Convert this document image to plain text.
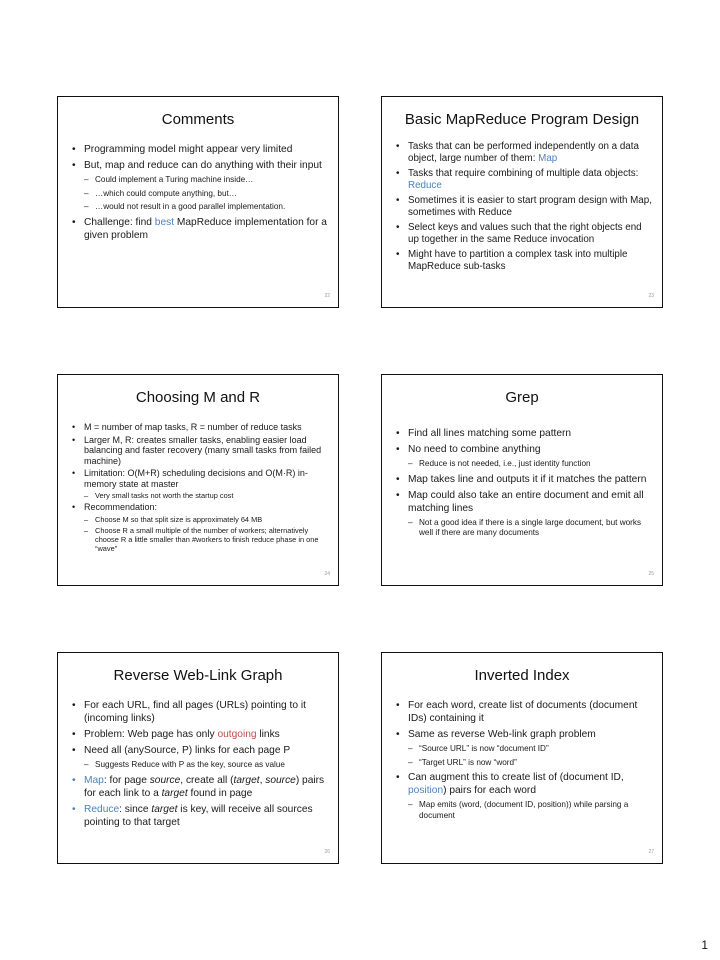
Comments
• Programming model might appear very limited
• But, map and reduce can do anything with their input
– Could implement a Turing machine inside…
– …which could compute anything, but…
– …would not result in a good parallel implementation.
• Challenge: find best MapReduce implementation for a given problem
22
Basic MapReduce Program Design
• Tasks that can be performed independently on a data object, large number of them: Map
• Tasks that require combining of multiple data objects: Reduce
• Sometimes it is easier to start program design with Map, sometimes with Reduce
• Select keys and values such that the right objects end up together in the same Reduce invocation
• Might have to partition a complex task into multiple MapReduce sub-tasks
23
Choosing M and R
• M = number of map tasks, R = number of reduce tasks
• Larger M, R: creates smaller tasks, enabling easier load balancing and faster recovery (many small tasks from failed machine)
• Limitation: O(M+R) scheduling decisions and O(M·R) in-memory state at master
– Very small tasks not worth the startup cost
• Recommendation:
– Choose M so that split size is approximately 64 MB
– Choose R a small multiple of the number of workers; alternatively choose R a little smaller than #workers to finish reduce phase in one “wave”
24
Grep
• Find all lines matching some pattern
• No need to combine anything
– Reduce is not needed, i.e., just identity function
• Map takes line and outputs it if it matches the pattern
• Map could also take an entire document and emit all matching lines
– Not a good idea if there is a single large document, but works well if there are many documents
25
Reverse Web-Link Graph
• For each URL, find all pages (URLs) pointing to it (incoming links)
• Problem: Web page has only outgoing links
• Need all (anySource, P) links for each page P
– Suggests Reduce with P as the key, source as value
• Map: for page source, create all (target, source) pairs for each link to a target found in page
• Reduce: since target is key, will receive all sources pointing to that target
26
Inverted Index
• For each word, create list of documents (document IDs) containing it
• Same as reverse Web-link graph problem
– “Source URL” is now “document ID”
– “Target URL” is now “word”
• Can augment this to create list of (document ID, position) pairs for each word
– Map emits (word, (document ID, position)) while parsing a document
27
1
